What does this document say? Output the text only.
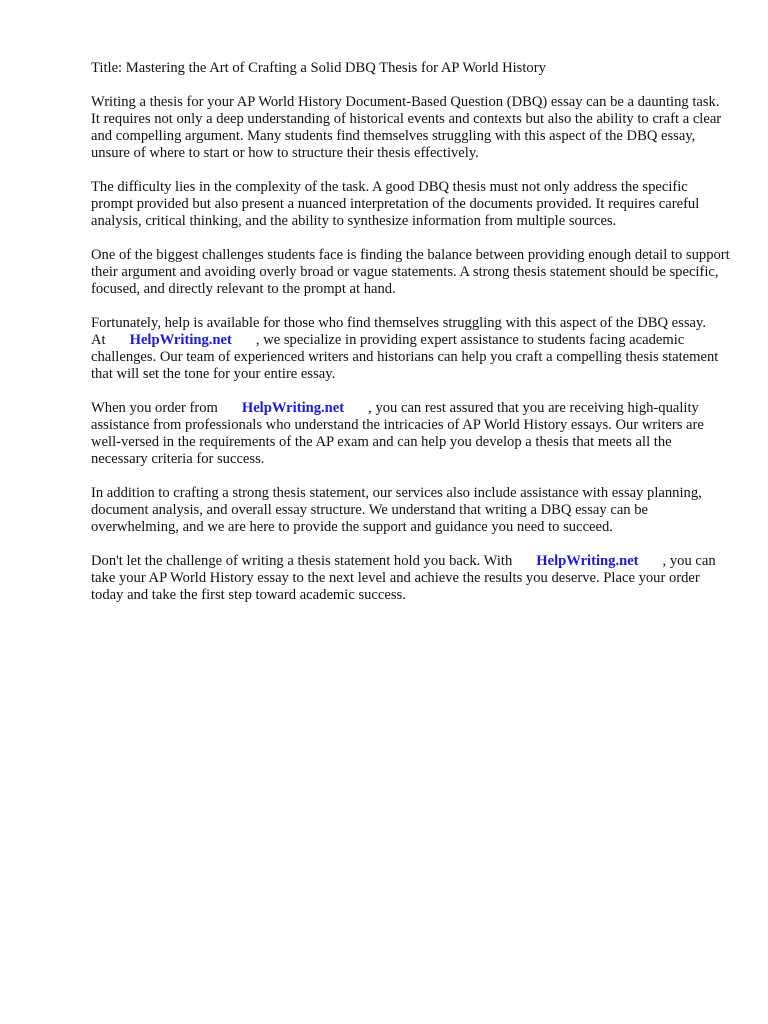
Title: Mastering the Art of Crafting a Solid DBQ Thesis for AP World History

Writing a thesis for your AP World History Document-Based Question (DBQ) essay can be a daunting task. It requires not only a deep understanding of historical events and contexts but also the ability to craft a clear and compelling argument. Many students find themselves struggling with this aspect of the DBQ essay, unsure of where to start or how to structure their thesis effectively.

The difficulty lies in the complexity of the task. A good DBQ thesis must not only address the specific prompt provided but also present a nuanced interpretation of the documents provided. It requires careful analysis, critical thinking, and the ability to synthesize information from multiple sources.

One of the biggest challenges students face is finding the balance between providing enough detail to support their argument and avoiding overly broad or vague statements. A strong thesis statement should be specific, focused, and directly relevant to the prompt at hand.

Fortunately, help is available for those who find themselves struggling with this aspect of the DBQ essay. At HelpWriting.net , we specialize in providing expert assistance to students facing academic challenges. Our team of experienced writers and historians can help you craft a compelling thesis statement that will set the tone for your entire essay.

When you order from HelpWriting.net , you can rest assured that you are receiving high-quality assistance from professionals who understand the intricacies of AP World History essays. Our writers are well-versed in the requirements of the AP exam and can help you develop a thesis that meets all the necessary criteria for success.

In addition to crafting a strong thesis statement, our services also include assistance with essay planning, document analysis, and overall essay structure. We understand that writing a DBQ essay can be overwhelming, and we are here to provide the support and guidance you need to succeed.

Don't let the challenge of writing a thesis statement hold you back. With HelpWriting.net , you can take your AP World History essay to the next level and achieve the results you deserve. Place your order today and take the first step toward academic success.
